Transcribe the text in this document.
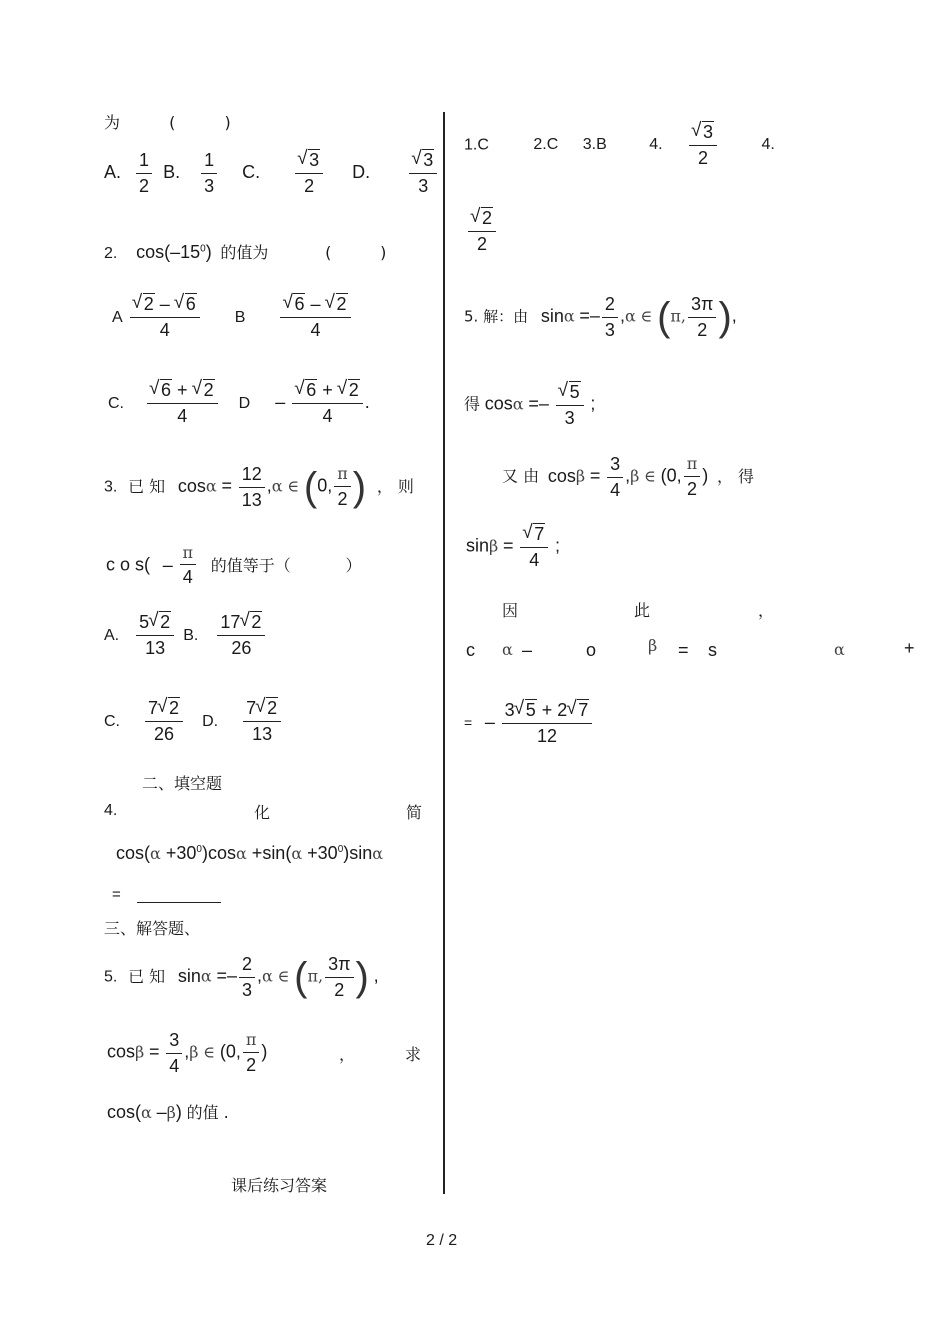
为	(	)
A. $\frac{1}{2} B$. $\frac{1}{3} C$. √ $\frac{3}{2} D$. √ $\frac{3}{3}$
2. $\cos(-15^0)$ 的值为	(	)
A √ $\frac{2 - √ 6}{4}$ B √ $\frac{6 - √ 2}{4}$
C. √ $\frac{6 + √ 2}{4}$ D – √ $\frac{6 + √ 2}{4}$ .
3. 已 知 $\cos\alpha = \frac{12}{13} ,\alpha$ ∈ (0, $\frac{\pi}{2}$ ) ， 则
c o $s( - \frac{\pi}{4}$ 的值等于（	）
A. $\frac{5 √ 2}{13} B$. $\frac{17 √ 2}{26}$
C. $\frac{7 √ 2}{26} D$. $\frac{7 √ 2}{13}$
二、填空题
4.	化	简
$\cos(\alpha +30^0)\cos\alpha +\sin(\alpha +30^0)\sin\alpha$
=
三、解答题、
5. 已 知 $\sin\alpha =- \frac{2}{3} ,\alpha$ ∈ (π, $\frac{3\pi}{2}$ ) ,
$\cos\beta = \frac{3}{4} ,\beta$ ∈ (0, $\frac{\pi}{2}$ )	，	求
cos(α –β) 的值 .
课后练习答案
1.C	2.C 3.B	4. √ $\frac{3}{2}$	4.
√ $\frac{2}{2}$
5. 解：由 $\sin\alpha =- \frac{2}{3} ,\alpha$ ∈ (π, $\frac{3\pi}{2}$ ),
得 cosα =– √ $\frac{5}{3}$ ;
又 由 $\cos\beta = \frac{3}{4} ,\beta$ ∈ (0, $\frac{\pi}{2}$ ) ， 得
sinβ = √ $\frac{7}{4}$ ;
因	此	，
c α –	o	β = s	α	+
= – $\frac{3 √ 5 + 2 √ 7}{12}$
2 / 2
